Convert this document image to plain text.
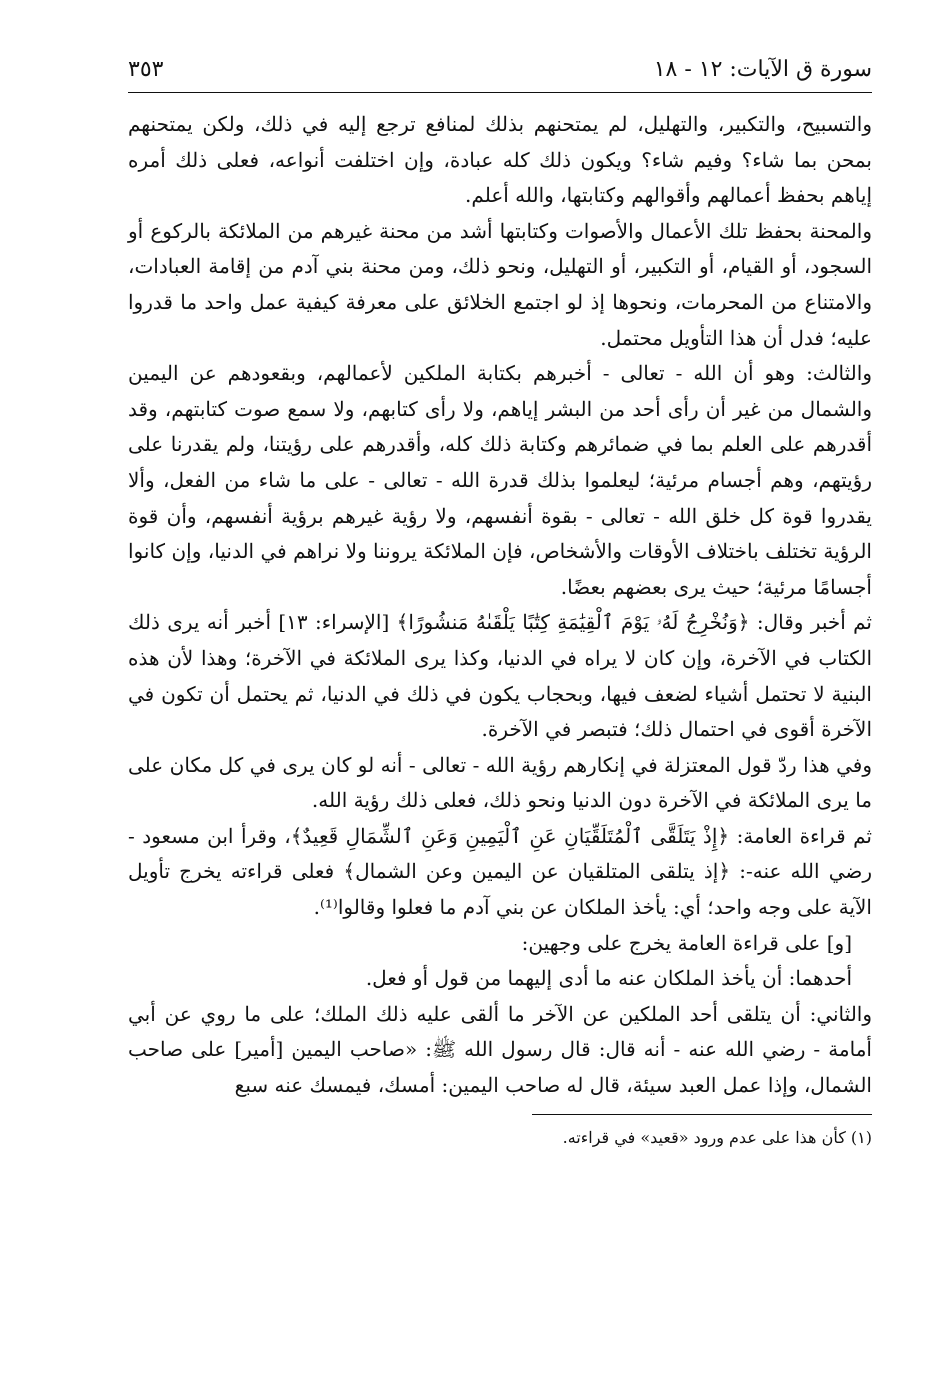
سورة ق الآيات: ١٢ - ١٨
٣٥٣

والتسبيح، والتكبير، والتهليل، لم يمتحنهم بذلك لمنافع ترجع إليه في ذلك، ولكن يمتحنهم بمحن بما شاء؟ وفيم شاء؟ ويكون ذلك كله عبادة، وإن اختلفت أنواعه، فعلى ذلك أمره إياهم بحفظ أعمالهم وأقوالهم وكتابتها، والله أعلم.

والمحنة بحفظ تلك الأعمال والأصوات وكتابتها أشد من محنة غيرهم من الملائكة بالركوع أو السجود، أو القيام، أو التكبير، أو التهليل، ونحو ذلك، ومن محنة بني آدم من إقامة العبادات، والامتناع من المحرمات، ونحوها إذ لو اجتمع الخلائق على معرفة كيفية عمل واحد ما قدروا عليه؛ فدل أن هذا التأويل محتمل.

والثالث: وهو أن الله - تعالى - أخبرهم بكتابة الملكين لأعمالهم، وبقعودهم عن اليمين والشمال من غير أن رأى أحد من البشر إياهم، ولا رأى كتابهم، ولا سمع صوت كتابتهم، وقد أقدرهم على العلم بما في ضمائرهم وكتابة ذلك كله، وأقدرهم على رؤيتنا، ولم يقدرنا على رؤيتهم، وهم أجسام مرئية؛ ليعلموا بذلك قدرة الله - تعالى - على ما شاء من الفعل، وألا يقدروا قوة كل خلق الله - تعالى - بقوة أنفسهم، ولا رؤية غيرهم برؤية أنفسهم، وأن قوة الرؤية تختلف باختلاف الأوقات والأشخاص، فإن الملائكة يروننا ولا نراهم في الدنيا، وإن كانوا أجسامًا مرئية؛ حيث يرى بعضهم بعضًا.

ثم أخبر وقال: ﴿وَنُخْرِجُ لَهُۥ يَوْمَ ٱلْقِيَٰمَةِ كِتَٰبًا يَلْقَىٰهُ مَنشُورًا﴾ [الإسراء: ١٣] أخبر أنه يرى ذلك الكتاب في الآخرة، وإن كان لا يراه في الدنيا، وكذا يرى الملائكة في الآخرة؛ وهذا لأن هذه البنية لا تحتمل أشياء لضعف فيها، وبحجاب يكون في ذلك في الدنيا، ثم يحتمل أن تكون في الآخرة أقوى في احتمال ذلك؛ فتبصر في الآخرة.

وفي هذا ردّ قول المعتزلة في إنكارهم رؤية الله - تعالى - أنه لو كان يرى في كل مكان على ما يرى الملائكة في الآخرة دون الدنيا ونحو ذلك، فعلى ذلك رؤية الله.

ثم قراءة العامة: ﴿إِذْ يَتَلَقَّى ٱلْمُتَلَقِّيَانِ عَنِ ٱلْيَمِينِ وَعَنِ ٱلشِّمَالِ قَعِيدٌ﴾، وقرأ ابن مسعود - رضي الله عنه-: ﴿إذ يتلقى المتلقيان عن اليمين وعن الشمال﴾ فعلى قراءته يخرج تأويل الآية على وجه واحد؛ أي: يأخذ الملكان عن بني آدم ما فعلوا وقالوا⁽¹⁾.

[و] على قراءة العامة يخرج على وجهين:

أحدهما: أن يأخذ الملكان عنه ما أدى إليهما من قول أو فعل.

والثاني: أن يتلقى أحد الملكين عن الآخر ما ألقى عليه ذلك الملك؛ على ما روي عن أبي أمامة - رضي الله عنه - أنه قال: قال رسول الله ﷺ: «صاحب اليمين [أمير] على صاحب الشمال، وإذا عمل العبد سيئة، قال له صاحب اليمين: أمسك، فيمسك عنه سبع

(١) كأن هذا على عدم ورود «قعيد» في قراءته.
